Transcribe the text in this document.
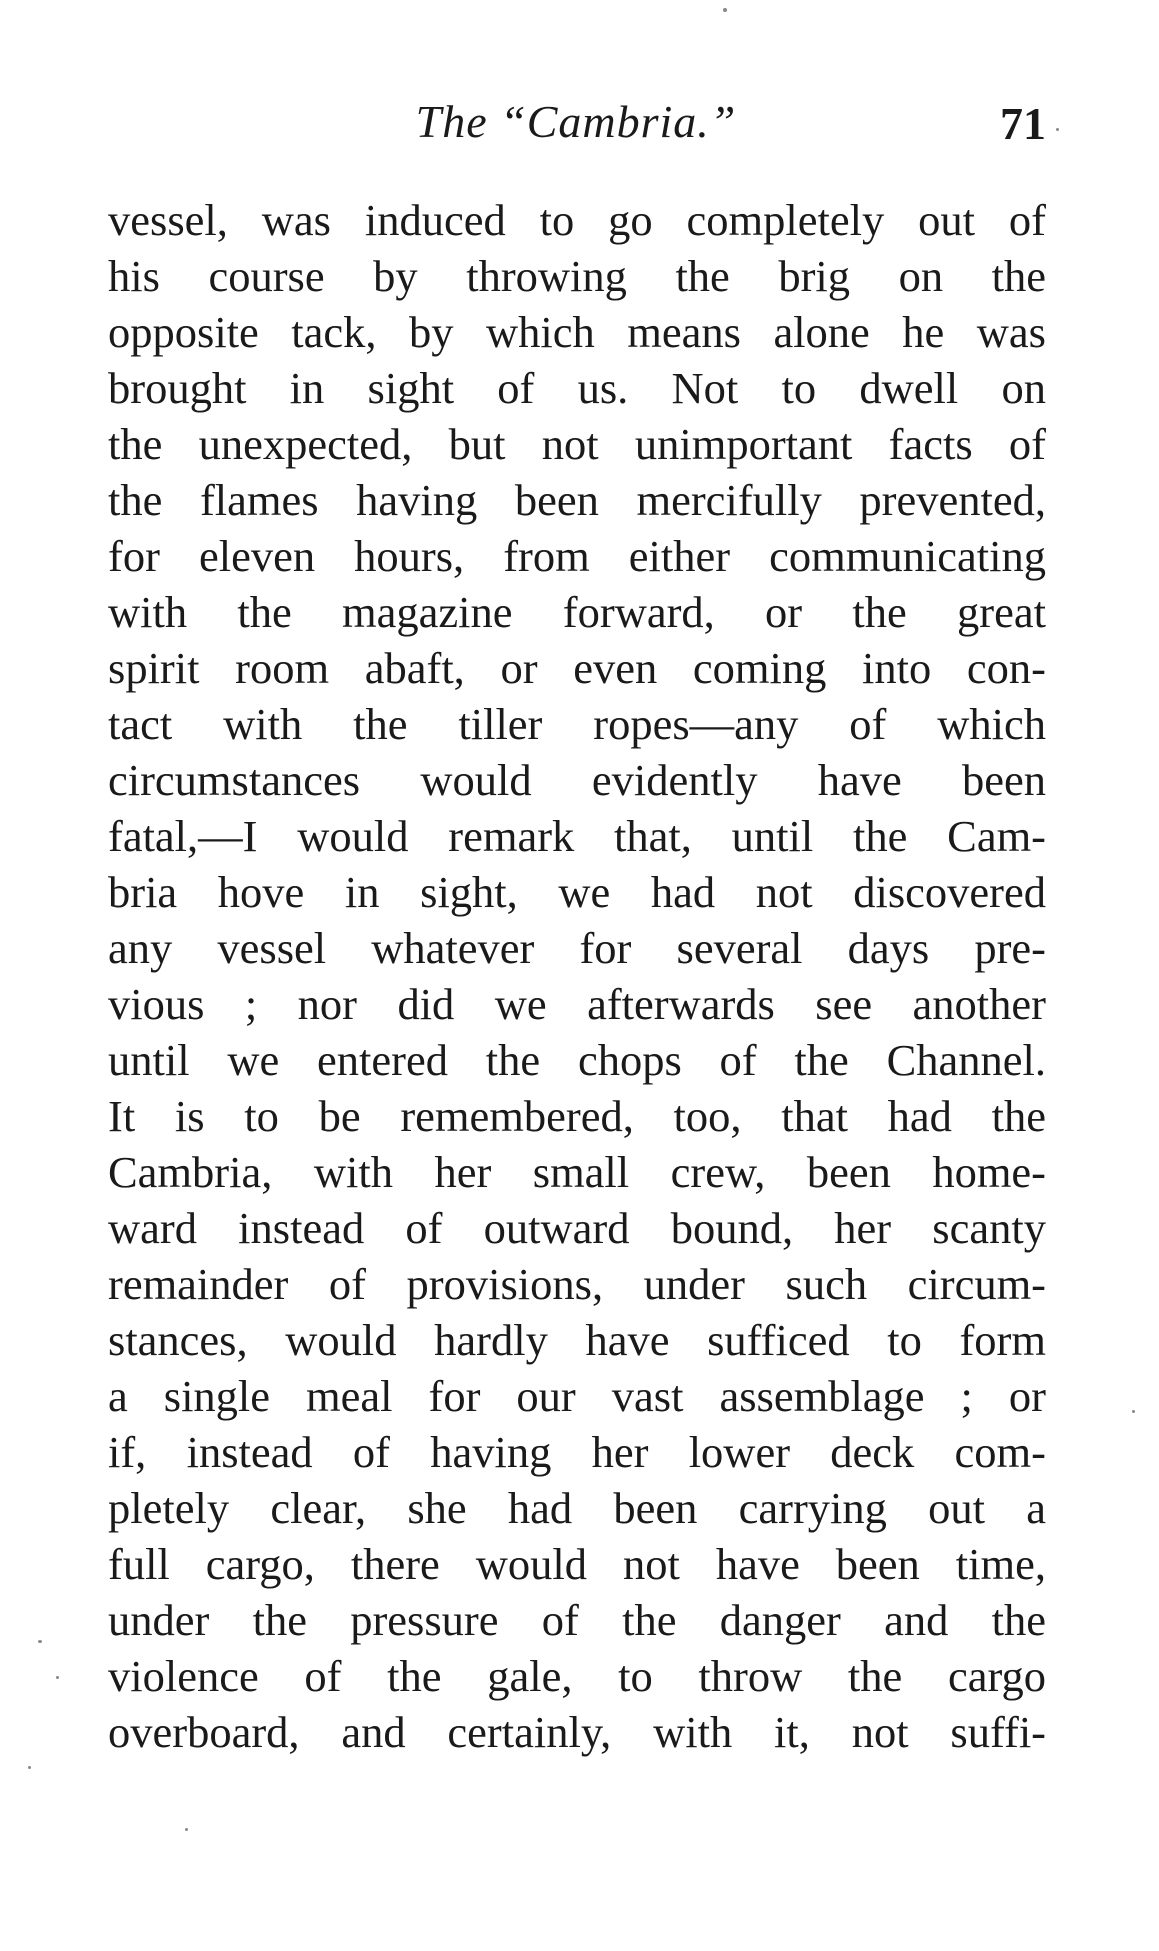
The “Cambria.”	71
vessel, was induced to go completely out of
his course by throwing the brig on the
opposite tack, by which means alone he was
brought in sight of us. Not to dwell on
the unexpected, but not unimportant facts of
the flames having been mercifully prevented,
for eleven hours, from either communicating
with the magazine forward, or the great
spirit room abaft, or even coming into con-
tact with the tiller ropes—any of which
circumstances would evidently have been
fatal,—I would remark that, until the Cam-
bria hove in sight, we had not discovered
any vessel whatever for several days pre-
vious ; nor did we afterwards see another
until we entered the chops of the Channel.
It is to be remembered, too, that had the
Cambria, with her small crew, been home-
ward instead of outward bound, her scanty
remainder of provisions, under such circum-
stances, would hardly have sufficed to form
a single meal for our vast assemblage ; or
if, instead of having her lower deck com-
pletely clear, she had been carrying out a
full cargo, there would not have been time,
under the pressure of the danger and the
violence of the gale, to throw the cargo
overboard, and certainly, with it, not suffi-
